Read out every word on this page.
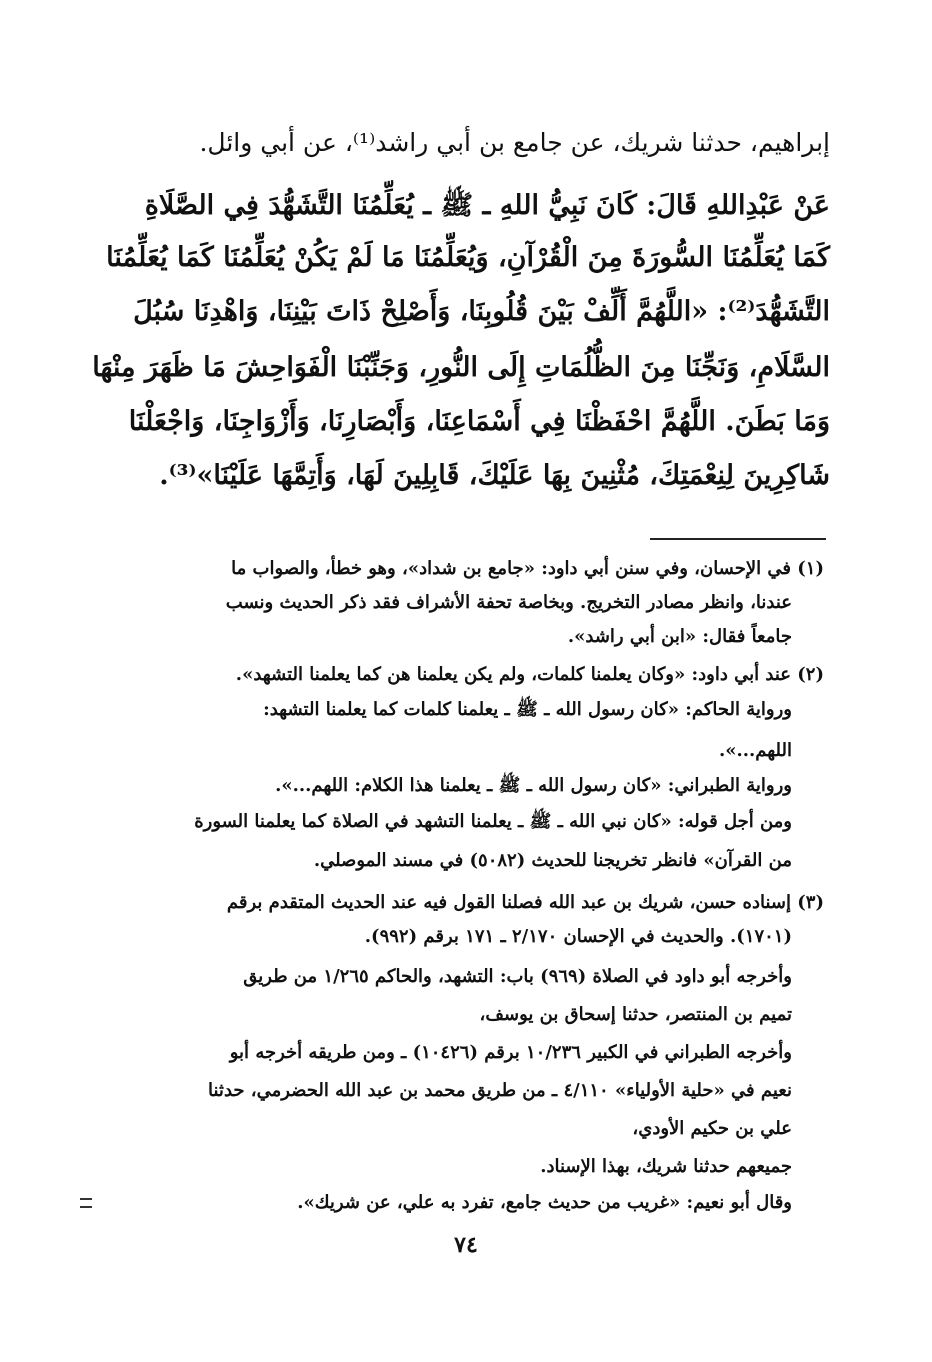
إبراهيم، حدثنا شريك، عن جامع بن أبي راشد⁽¹⁾، عن أبي وائل.
عَنْ عَبْدِاللهِ قَالَ: كَانَ نَبِيُّ اللهِ ـ ﷺ ـ يُعَلِّمُنَا التَّشَهُّدَ فِي الصَّلَاةِ
كَمَا يُعَلِّمُنَا السُّورَةَ مِنَ الْقُرْآنِ، وَيُعَلِّمُنَا مَا لَمْ يَكُنْ يُعَلِّمُنَا كَمَا يُعَلِّمُنَا
التَّشَهُّدَ⁽²⁾: «اللَّهُمَّ أَلِّفْ بَيْنَ قُلُوبِنَا، وَأَصْلِحْ ذَاتَ بَيْنِنَا، وَاهْدِنَا سُبُلَ
السَّلَامِ، وَنَجِّنَا مِنَ الظُّلُمَاتِ إِلَى النُّورِ، وَجَنِّبْنَا الْفَوَاحِشَ مَا ظَهَرَ مِنْهَا
وَمَا بَطَنَ. اللَّهُمَّ احْفَظْنَا فِي أَسْمَاعِنَا، وَأَبْصَارِنَا، وَأَزْوَاجِنَا، وَاجْعَلْنَا
شَاكِرِينَ لِنِعْمَتِكَ، مُثْنِينَ بِهَا عَلَيْكَ، قَابِلِينَ لَهَا، وَأَتِمَّهَا عَلَيْنَا»⁽³⁾.
(١) في الإحسان، وفي سنن أبي داود: «جامع بن شداد»، وهو خطأ، والصواب ما
عندنا، وانظر مصادر التخريج. وبخاصة تحفة الأشراف فقد ذكر الحديث ونسب
جامعاً فقال: «ابن أبي راشد».
(٢) عند أبي داود: «وكان يعلمنا كلمات، ولم يكن يعلمنا هن كما يعلمنا التشهد».
ورواية الحاكم: «كان رسول الله ـ ﷺ ـ يعلمنا كلمات كما يعلمنا التشهد:
اللهم...».
ورواية الطبراني: «كان رسول الله ـ ﷺ ـ يعلمنا هذا الكلام: اللهم...».
ومن أجل قوله: «كان نبي الله ـ ﷺ ـ يعلمنا التشهد في الصلاة كما يعلمنا السورة
من القرآن» فانظر تخريجنا للحديث (٥٠٨٢) في مسند الموصلي.
(٣) إسناده حسن، شريك بن عبد الله فصلنا القول فيه عند الحديث المتقدم برقم
(١٧٠١). والحديث في الإحسان ٢/١٧٠ ـ ١٧١ برقم (٩٩٢).
وأخرجه أبو داود في الصلاة (٩٦٩) باب: التشهد، والحاكم ١/٢٦٥ من طريق
تميم بن المنتصر، حدثنا إسحاق بن يوسف،
وأخرجه الطبراني في الكبير ١٠/٢٣٦ برقم (١٠٤٢٦) ـ ومن طريقه أخرجه أبو
نعيم في «حلية الأولياء» ٤/١١٠ ـ من طريق محمد بن عبد الله الحضرمي، حدثنا
علي بن حكيم الأودي،
جميعهم حدثنا شريك، بهذا الإسناد.
وقال أبو نعيم: «غريب من حديث جامع، تفرد به علي، عن شريك».
٧٤
